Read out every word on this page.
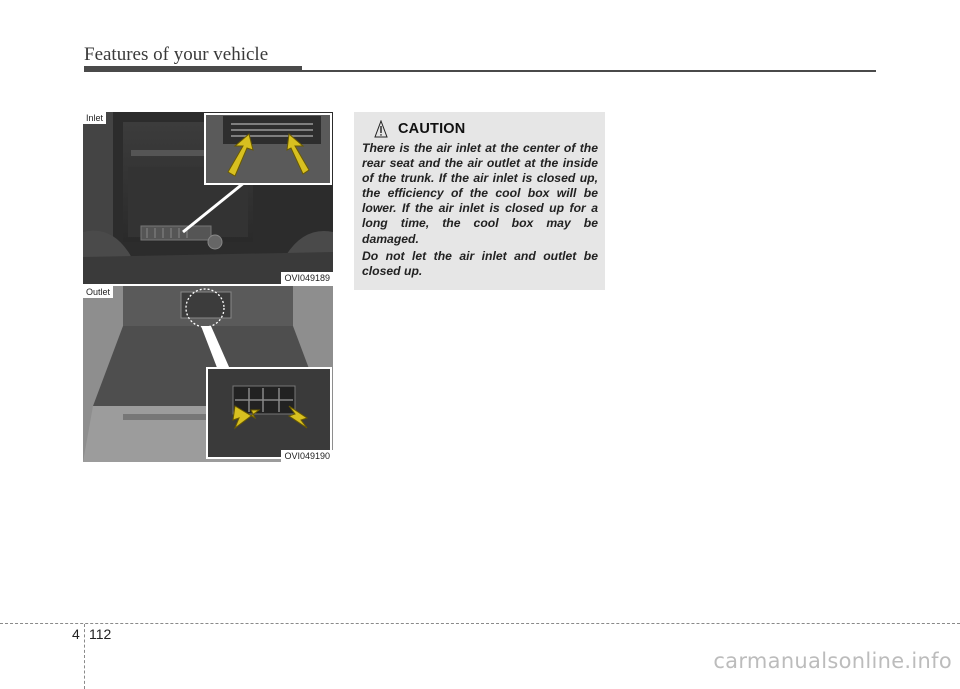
Features of your vehicle
Inlet
OVI049189
Outlet
OVI049190
CAUTION

There is the air inlet at the center of the rear seat and the air outlet at the inside of the trunk. If the air inlet is closed up, the efficiency of the cool box will be lower. If the air inlet is closed up for a long time, the cool box may be damaged.

Do not let the air inlet and outlet be closed up.

4 112
carmanualsonline.info
